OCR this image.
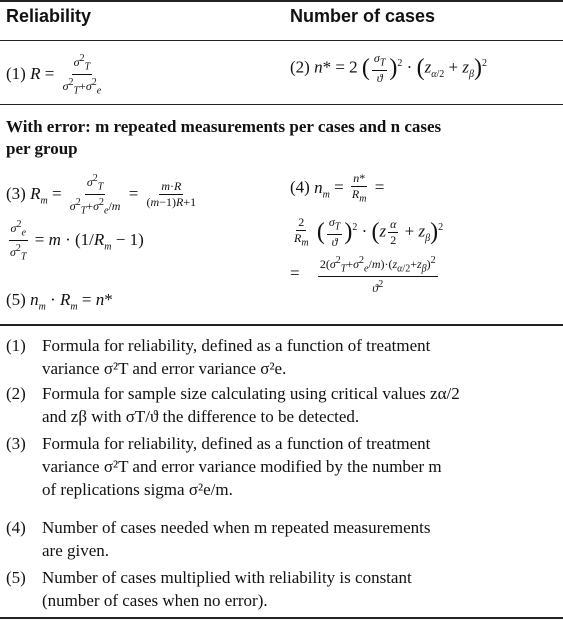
Reliability	Number of cases
(1) $R = \frac{\sigma^2_T}{\sigma^2_T+\sigma^2_e}$	(2) n* = 2 ( $\frac{\sigma_T}{ϑ} )^2 \cdot (z_{\alpha/2} + z_\beta)^2$
With error: m repeated measurements per cases and n cases
per group
(3) $R_m = \frac{\sigma^2_T}{\sigma^2_T+\sigma^2_e/m} = \frac{m\cdot R}{(m-1)R+1}$
$\frac{\sigma^2_e}{\sigma^2_T} = m \cdot (1/R_m - 1)$
(4) $n_m = \frac{n*}{R_m}$ =
$\frac{2}{R_m}$ ( $\frac{\sigma_T}{ϑ} )^2 \cdot (z \frac{\alpha}{2} + z_\beta)^2$
= $\frac{2(\sigma^2_T+\sigma^2_e/m)\cdot(z_{\alpha/2}+z_\beta)^2}{ϑ^2}$
(5) $n_m \cdot R_m = n*$
(1) Formula for reliability, defined as a function of treatment
variance σ²T and error variance σ²e.
(2) Formula for sample size calculating using critical values zα/2
and zβ with σT/ϑ the difference to be detected.
(3) Formula for reliability, defined as a function of treatment
variance σ²T and error variance modified by the number m
of replications sigma σ²e/m.
(4) Number of cases needed when m repeated measurements
are given.
(5) Number of cases multiplied with reliability is constant
(number of cases when no error).
